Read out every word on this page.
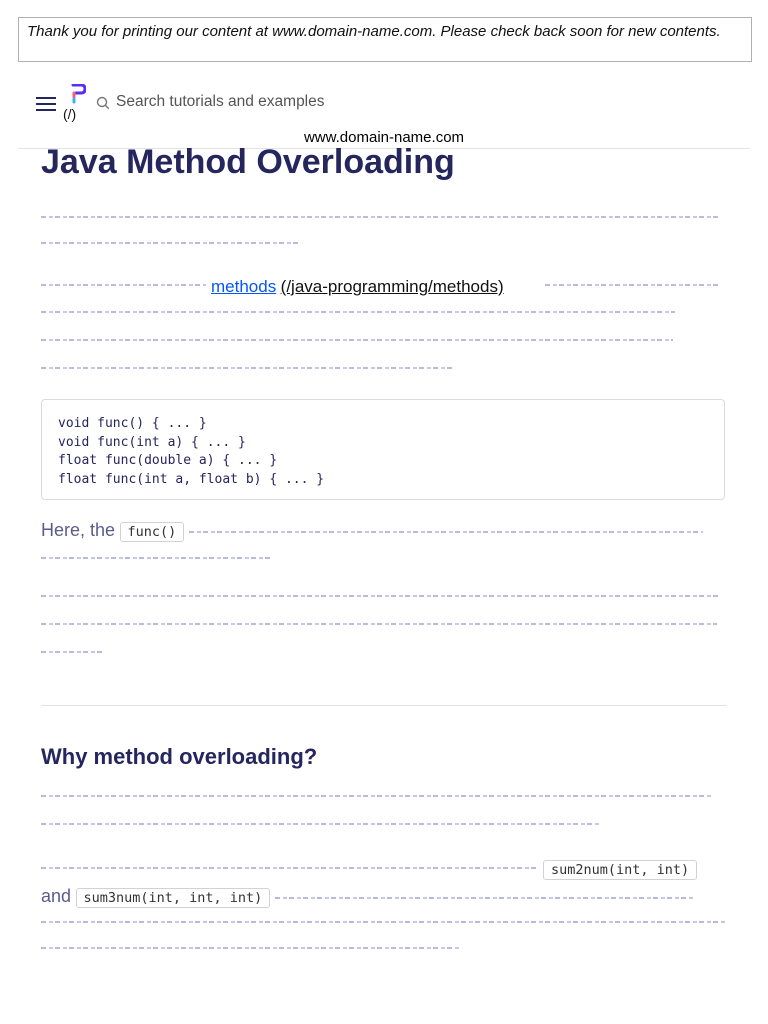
Thank you for printing our content at www.domain-name.com. Please check back soon for new contents.
(/)
Search tutorials and examples
www.domain-name.com
Java Method Overloading
methods (/java-programming/methods)
void func() { ... }
void func(int a) { ... }
float func(double a) { ... }
float func(int a, float b) { ... }
Here, the func()
Why method overloading?
sum2num(int, int)
and sum3num(int, int, int)
